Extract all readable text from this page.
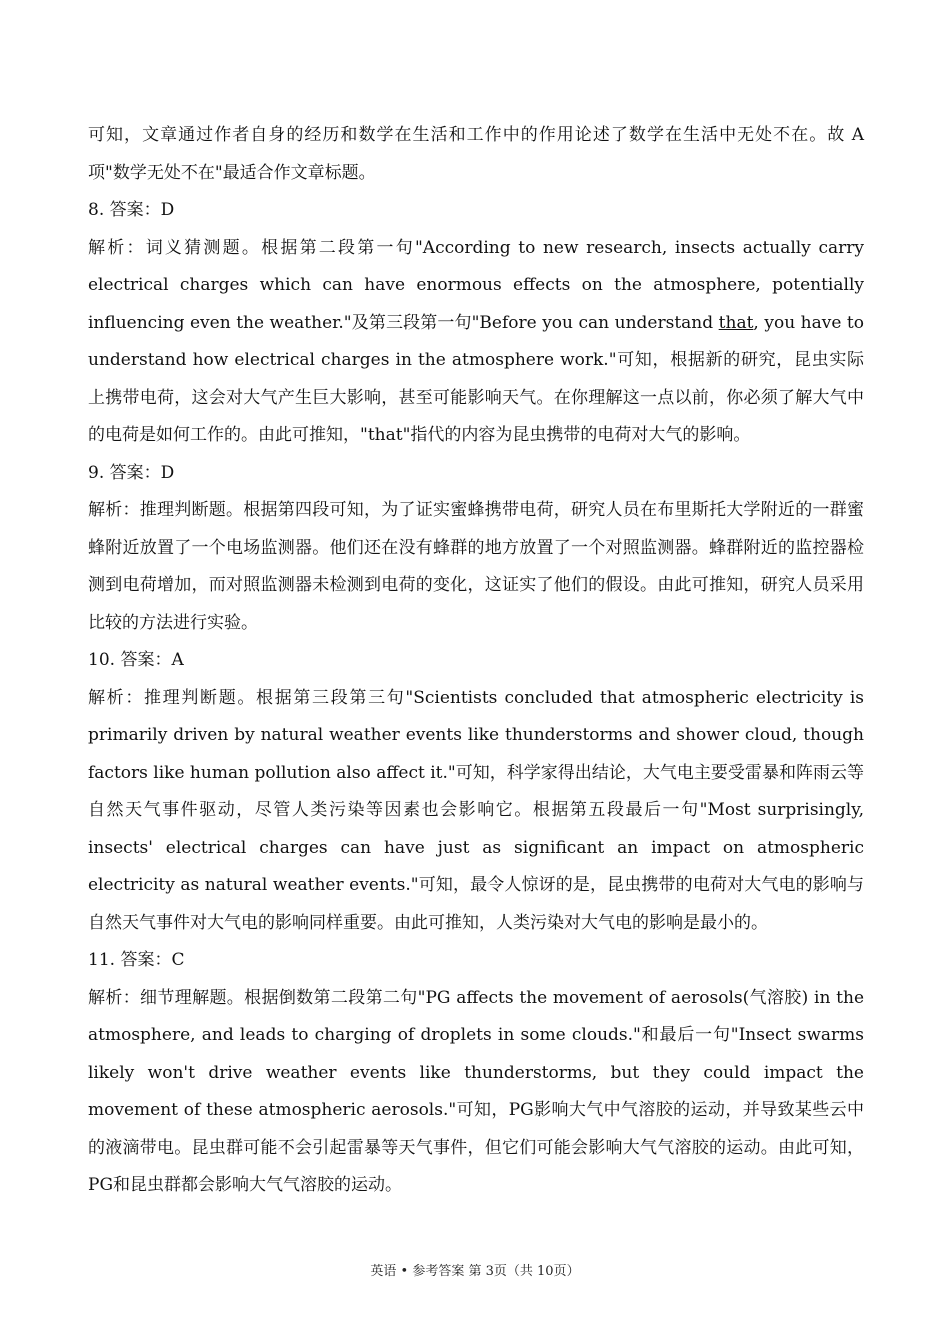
可知，文章通过作者自身的经历和数学在生活和工作中的作用论述了数学在生活中无处不在。故 A 项"数学无处不在"最适合作文章标题。

8. 答案：D

解析：词义猜测题。根据第二段第一句"According to new research, insects actually carry electrical charges which can have enormous effects on the atmosphere, potentially influencing even the weather."及第三段第一句"Before you can understand that, you have to understand how electrical charges in the atmosphere work."可知，根据新的研究，昆虫实际上携带电荷，这会对大气产生巨大影响，甚至可能影响天气。在你理解这一点以前，你必须了解大气中的电荷是如何工作的。由此可推知，"that"指代的内容为昆虫携带的电荷对大气的影响。

9. 答案：D

解析：推理判断题。根据第四段可知，为了证实蜜蜂携带电荷，研究人员在布里斯托大学附近的一群蜜蜂附近放置了一个电场监测器。他们还在没有蜂群的地方放置了一个对照监测器。蜂群附近的监控器检测到电荷增加，而对照监测器未检测到电荷的变化，这证实了他们的假设。由此可推知，研究人员采用比较的方法进行实验。

10. 答案：A

解析：推理判断题。根据第三段第三句"Scientists concluded that atmospheric electricity is primarily driven by natural weather events like thunderstorms and shower cloud, though factors like human pollution also affect it."可知，科学家得出结论，大气电主要受雷暴和阵雨云等自然天气事件驱动，尽管人类污染等因素也会影响它。根据第五段最后一句"Most surprisingly, insects' electrical charges can have just as significant an impact on atmospheric electricity as natural weather events."可知，最令人惊讶的是，昆虫携带的电荷对大气电的影响与自然天气事件对大气电的影响同样重要。由此可推知，人类污染对大气电的影响是最小的。

11. 答案：C

解析：细节理解题。根据倒数第二段第二句"PG affects the movement of aerosols(气溶胶) in the atmosphere, and leads to charging of droplets in some clouds."和最后一句"Insect swarms likely won't drive weather events like thunderstorms, but they could impact the movement of these atmospheric aerosols."可知，PG影响大气中气溶胶的运动，并导致某些云中的液滴带电。昆虫群可能不会引起雷暴等天气事件，但它们可能会影响大气气溶胶的运动。由此可知，PG和昆虫群都会影响大气气溶胶的运动。

英语 • 参考答案 第 3页（共 10页）
